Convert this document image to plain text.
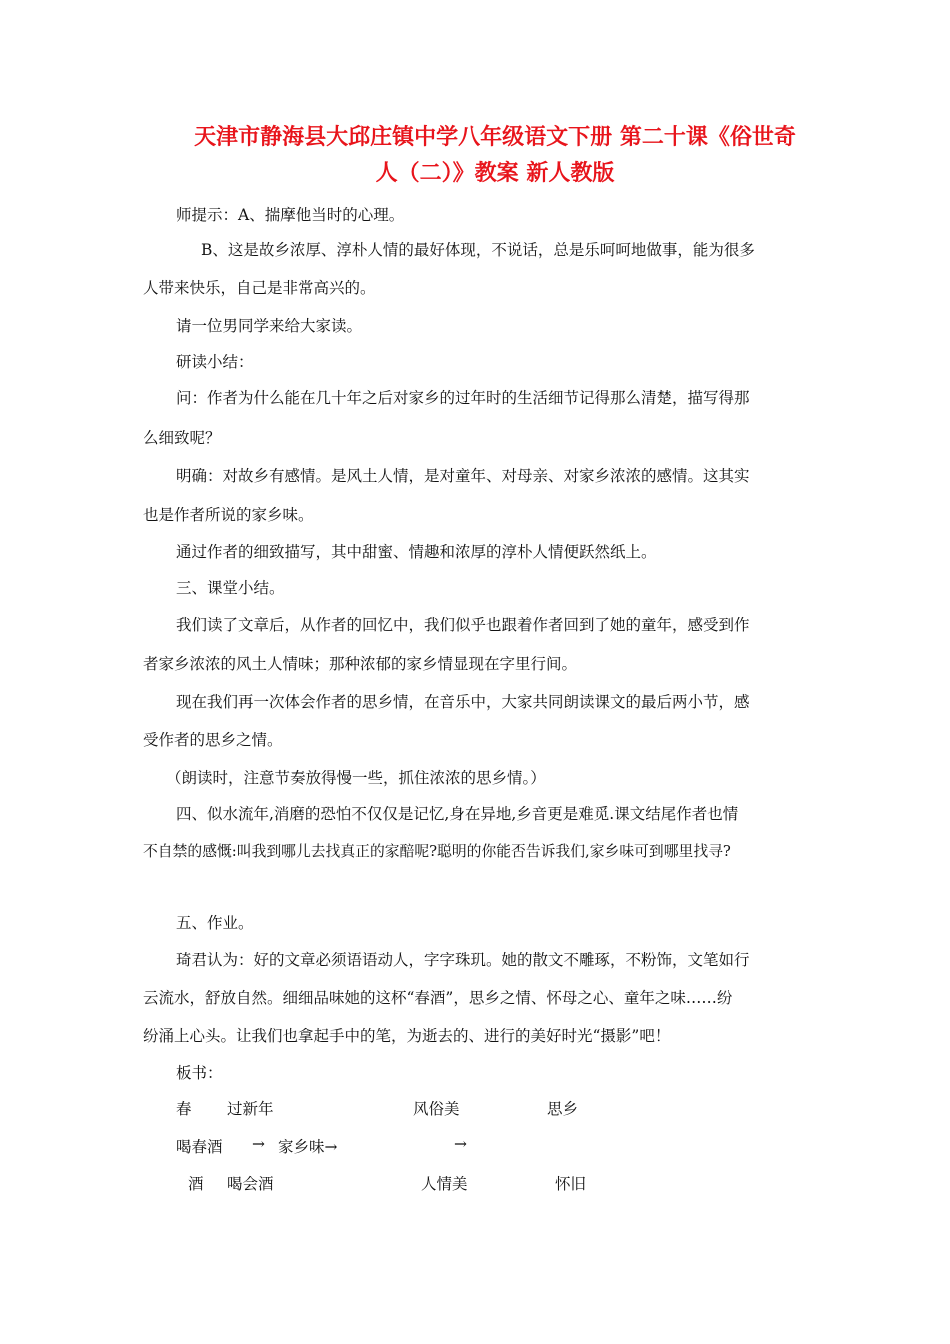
天津市静海县大邱庄镇中学八年级语文下册 第二十课《俗世奇
人（二）》教案 新人教版
师提示：A、揣摩他当时的心理。
B、这是故乡浓厚、淳朴人情的最好体现，不说话，总是乐呵呵地做事，能为很多
人带来快乐，自己是非常高兴的。
请一位男同学来给大家读。
研读小结：
问：作者为什么能在几十年之后对家乡的过年时的生活细节记得那么清楚，描写得那
么细致呢？
明确：对故乡有感情。是风土人情，是对童年、对母亲、对家乡浓浓的感情。这其实
也是作者所说的家乡味。
通过作者的细致描写，其中甜蜜、情趣和浓厚的淳朴人情便跃然纸上。
三、课堂小结。
我们读了文章后，从作者的回忆中，我们似乎也跟着作者回到了她的童年，感受到作
者家乡浓浓的风土人情味；那种浓郁的家乡情显现在字里行间。
现在我们再一次体会作者的思乡情，在音乐中，大家共同朗读课文的最后两小节，感
受作者的思乡之情。
（朗读时，注意节奏放得慢一些，抓住浓浓的思乡情。）
四、似水流年,消磨的恐怕不仅仅是记忆,身在异地,乡音更是难觅.课文结尾作者也情
不自禁的感慨:叫我到哪儿去找真正的家醅呢?聪明的你能否告诉我们,家乡味可到哪里找寻?
五、作业。
琦君认为：好的文章必须语语动人，字字珠玑。她的散文不雕琢，不粉饰，文笔如行
云流水，舒放自然。细细品味她的这杯“春酒”，思乡之情、怀母之心、童年之味……纷
纷涌上心头。让我们也拿起手中的笔，为逝去的、进行的美好时光“摄影”吧！
板书：
春 过新年	风俗美	思乡
喝春酒 → 家乡味→	→
酒 喝会酒	人情美	怀旧
